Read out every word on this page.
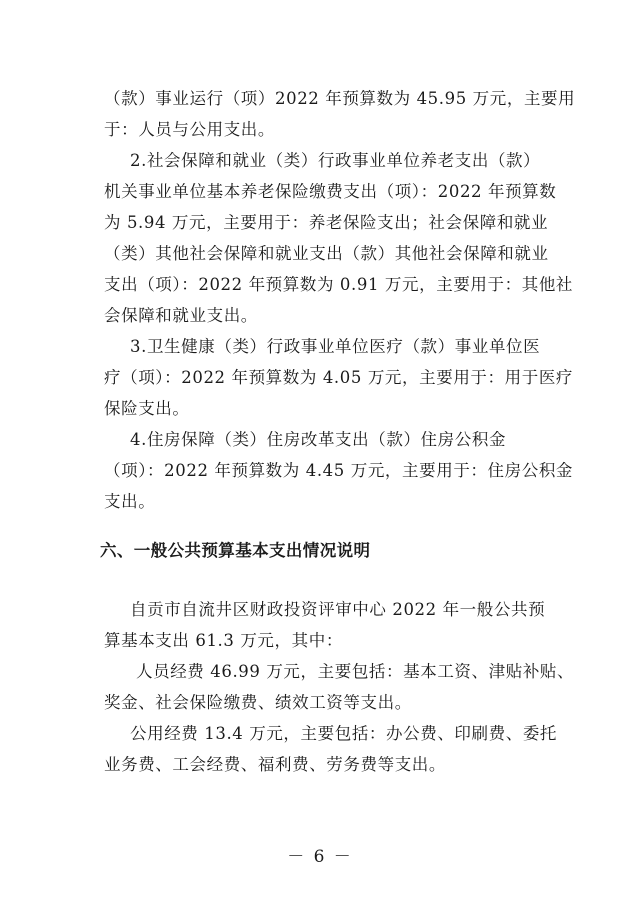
（款）事业运行（项）2022 年预算数为 45.95 万元，主要用
于：人员与公用支出。
2.社会保障和就业（类）行政事业单位养老支出（款）
机关事业单位基本养老保险缴费支出（项）：2022 年预算数
为 5.94 万元，主要用于：养老保险支出；社会保障和就业
（类）其他社会保障和就业支出（款）其他社会保障和就业
支出（项）：2022 年预算数为 0.91 万元，主要用于：其他社
会保障和就业支出。
3.卫生健康（类）行政事业单位医疗（款）事业单位医
疗（项）：2022 年预算数为 4.05 万元，主要用于：用于医疗
保险支出。
4.住房保障（类）住房改革支出（款）住房公积金
（项）：2022 年预算数为 4.45 万元，主要用于：住房公积金
支出。
六、一般公共预算基本支出情况说明
自贡市自流井区财政投资评审中心 2022 年一般公共预
算基本支出 61.3 万元，其中：
人员经费 46.99 万元，主要包括：基本工资、津贴补贴、
奖金、社会保险缴费、绩效工资等支出。
公用经费 13.4 万元，主要包括：办公费、印刷费、委托
业务费、工会经费、福利费、劳务费等支出。
－ 6 －
